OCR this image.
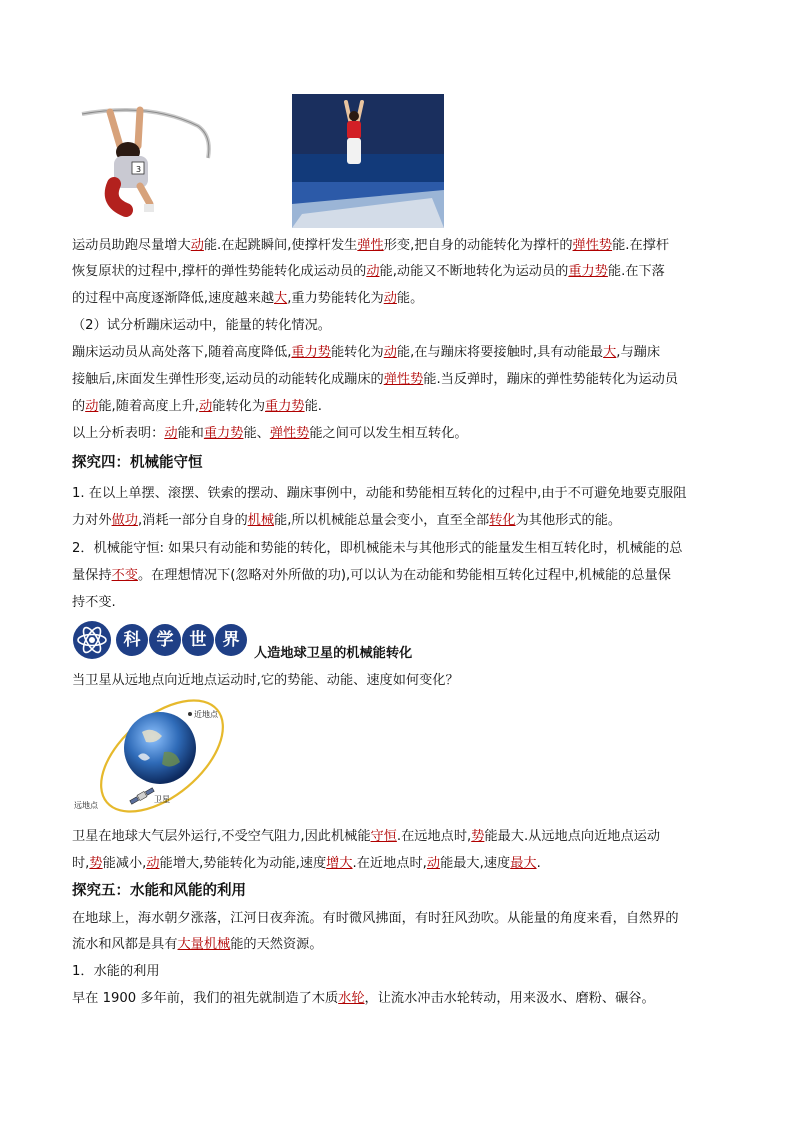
3
运动员助跑尽量增大动能.在起跳瞬间,使撑杆发生弹性形变,把自身的动能转化为撑杆的弹性势能.在撑杆
恢复原状的过程中,撑杆的弹性势能转化成运动员的动能,动能又不断地转化为运动员的重力势能.在下落
的过程中高度逐渐降低,速度越来越大,重力势能转化为动能。
（2）试分析蹦床运动中，能量的转化情况。
蹦床运动员从高处落下,随着高度降低,重力势能转化为动能,在与蹦床将要接触时,具有动能最大,与蹦床
接触后,床面发生弹性形变,运动员的动能转化成蹦床的弹性势能.当反弹时，蹦床的弹性势能转化为运动员
的动能,随着高度上升,动能转化为重力势能.
以上分析表明：动能和重力势能、弹性势能之间可以发生相互转化。
探究四：机械能守恒
1. 在以上单摆、滚摆、铁索的摆动、蹦床事例中，动能和势能相互转化的过程中,由于不可避免地要克服阻
力对外做功,消耗一部分自身的机械能,所以机械能总量会变小，直至全部转化为其他形式的能。
2．机械能守恒: 如果只有动能和势能的转化，即机械能未与其他形式的能量发生相互转化时，机械能的总
量保持不变。在理想情况下(忽略对外所做的功),可以认为在动能和势能相互转化过程中,机械能的总量保
持不变.
科 学 世 界
人造地球卫星的机械能转化
当卫星从远地点向近地点运动时,它的势能、动能、速度如何变化？
近地点
远地点
卫星
卫星在地球大气层外运行,不受空气阻力,因此机械能守恒.在远地点时,势能最大.从远地点向近地点运动
时,势能减小,动能增大,势能转化为动能,速度增大.在近地点时,动能最大,速度最大.
探究五：水能和风能的利用
在地球上，海水朝夕涨落，江河日夜奔流。有时微风拂面，有时狂风劲吹。从能量的角度来看，自然界的
流水和风都是具有大量机械能的天然资源。
1．水能的利用
早在 1900 多年前，我们的祖先就制造了木质水轮，让流水冲击水轮转动，用来汲水、磨粉、碾谷。
